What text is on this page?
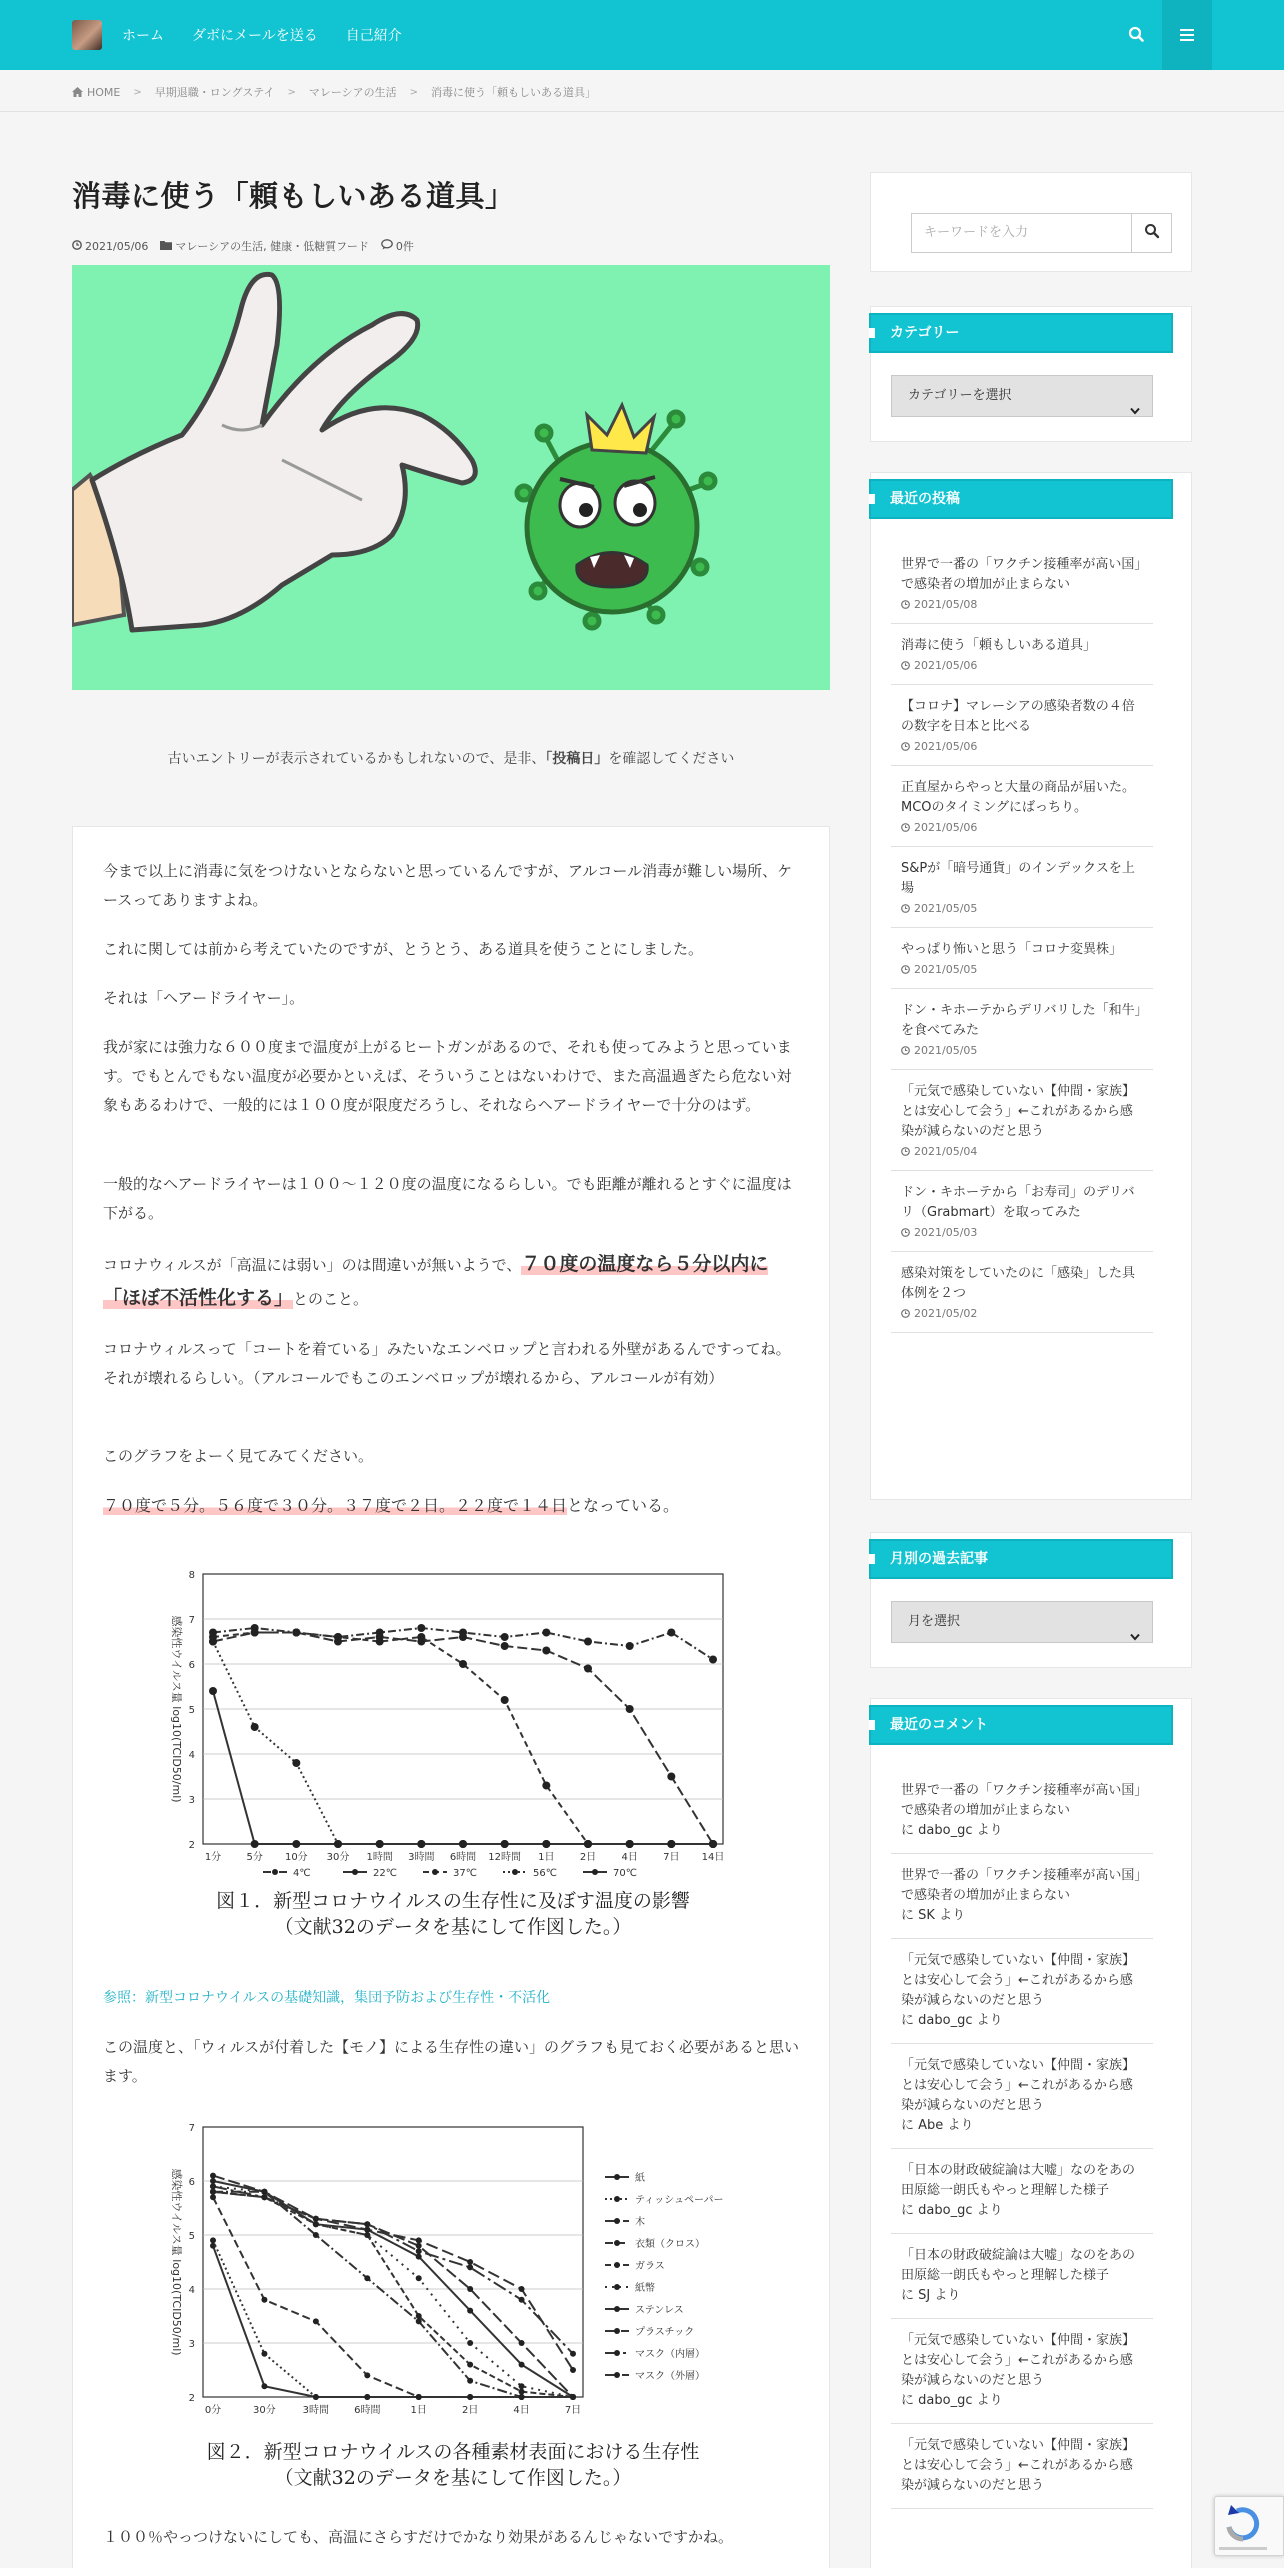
ホーム ダボにメールを送る 自己紹介
HOME > 早期退職・ロングステイ > マレーシアの生活 > 消毒に使う「頼もしいある道具」
消毒に使う「頼もしいある道具」
2021/05/06 マレーシアの生活, 健康・低糖質フード 0件
古いエントリーが表示されているかもしれないので、是非、「投稿日」を確認してください

今まで以上に消毒に気をつけないとならないと思っているんですが、アルコール消毒が難しい場所、ケースってありますよね。

これに関しては前から考えていたのですが、とうとう、ある道具を使うことにしました。

それは「ヘアードライヤー」。

我が家には強力な６００度まで温度が上がるヒートガンがあるので、それも使ってみようと思っています。でもとんでもない温度が必要かといえば、そういうことはないわけで、また高温過ぎたら危ない対象もあるわけで、一般的には１００度が限度だろうし、それならヘアードライヤーで十分のはず。

一般的なヘアードライヤーは１００～１２０度の温度になるらしい。でも距離が離れるとすぐに温度は下がる。

コロナウィルスが「高温には弱い」のは間違いが無いようで、７０度の温度なら５分以内に
「ほぼ不活性化する」とのこと。

コロナウィルスって「コートを着ている」みたいなエンベロップと言われる外壁があるんですってね。それが壊れるらしい。（アルコールでもこのエンベロップが壊れるから、アルコールが有効）

このグラフをよーく見てみてください。

７０度で５分。５６度で３０分。３７度で２日。２２度で１４日となっている。

2
3
4
5
6
7
8
1分	5分 10分 30分 1時間 3時間 6時間 12時間 1日	2日	4日	7日 14日
感染性ウイルス量 log10(TCID50/ml)
4℃	22℃	37℃	56℃	70℃
図１．新型コロナウイルスの生存性に及ぼす温度の影響
（文献32のデータを基にして作図した。）
参照：新型コロナウイルスの基礎知識，集団予防および生存性・不活化

この温度と、「ウィルスが付着した【モノ】による生存性の違い」のグラフも見ておく必要があると思います。

2
3
4
5
6
7
0分	30分	3時間	6時間	1日	2日	4日	7日
感染性ウイルス量 log10(TCID50/ml)	紙
ティッシュペーパー
木
衣類（クロス）
ガラス
紙幣
ステンレス
プラスチック
マスク（内層）
マスク（外層）
図２．新型コロナウイルスの各種素材表面における生存性
（文献32のデータを基にして作図した。）

１００％やっつけないにしても、高温にさらすだけでかなり効果があるんじゃないですかね。

キーワードを入力
カテゴリー
カテゴリーを選択
最近の投稿
世界で一番の「ワクチン接種率が高い国」で感染者の増加が止まらない
2021/05/08
消毒に使う「頼もしいある道具」
2021/05/06
【コロナ】マレーシアの感染者数の４倍の数字を日本と比べる
2021/05/06
正直屋からやっと大量の商品が届いた。MCOのタイミングにばっちり。
2021/05/06
S&Pが「暗号通貨」のインデックスを上場
2021/05/05
やっぱり怖いと思う「コロナ変異株」
2021/05/05
ドン・キホーテからデリバリした「和牛」を食べてみた
2021/05/05
「元気で感染していない【仲間・家族】とは安心して会う」←これがあるから感染が減らないのだと思う
2021/05/04
ドン・キホーテから「お寿司」のデリバリ（Grabmart）を取ってみた
2021/05/03
感染対策をしていたのに「感染」した具体例を２つ
2021/05/02
月別の過去記事
月を選択
最近のコメント
世界で一番の「ワクチン接種率が高い国」で感染者の増加が止まらない
に dabo_gc より
世界で一番の「ワクチン接種率が高い国」で感染者の増加が止まらない
に SK より
「元気で感染していない【仲間・家族】とは安心して会う」←これがあるから感染が減らないのだと思う
に dabo_gc より
「元気で感染していない【仲間・家族】とは安心して会う」←これがあるから感染が減らないのだと思う
に Abe より
「日本の財政破綻論は大嘘」なのをあの田原総一朗氏もやっと理解した様子
に dabo_gc より
「日本の財政破綻論は大嘘」なのをあの田原総一朗氏もやっと理解した様子
に SJ より
「元気で感染していない【仲間・家族】とは安心して会う」←これがあるから感染が減らないのだと思う
に dabo_gc より
「元気で感染していない【仲間・家族】とは安心して会う」←これがあるから感染が減らないのだと思う
